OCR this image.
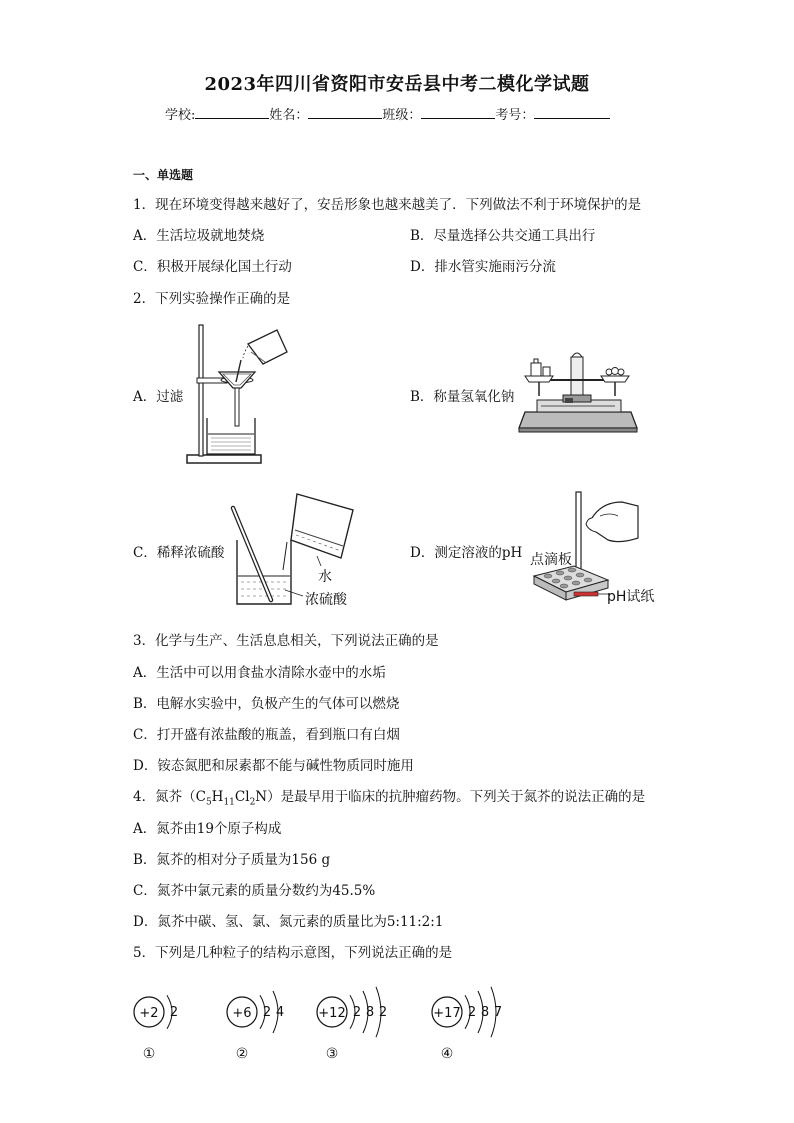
2023年四川省资阳市安岳县中考二模化学试题
学校:	姓名：	班级：	考号：
一、单选题
1．现在环境变得越来越好了，安岳形象也越来越美了．下列做法不利于环境保护的是
A．生活垃圾就地焚烧	B．尽量选择公共交通工具出行
C．积极开展绿化国土行动	D．排水管实施雨污分流
2．下列实验操作正确的是
A．过滤	B．称量氢氧化钠
C．稀释浓硫酸	D．测定溶液的pH
水
浓硫酸
点滴板
pH试纸
3．化学与生产、生活息息相关，下列说法正确的是
A．生活中可以用食盐水清除水壶中的水垢
B．电解水实验中，负极产生的气体可以燃烧
C．打开盛有浓盐酸的瓶盖，看到瓶口有白烟
D．铵态氮肥和尿素都不能与碱性物质同时施用
4．氮芥$(C_5H_{11}Cl_2N)$是最早用于临床的抗肿瘤药物。下列关于氮芥的说法正确的是
A．氮芥由19个原子构成
B．氮芥的相对分子质量为156 g
C．氮芥中氯元素的质量分数约为45.5%
D．氮芥中碳、氢、氯、氮元素的质量比为5:11:2:1
5．下列是几种粒子的结构示意图，下列说法正确的是
+2 2
①
+6 2 4
②
+12 2 8 2
③
+17 2 8 7
④
